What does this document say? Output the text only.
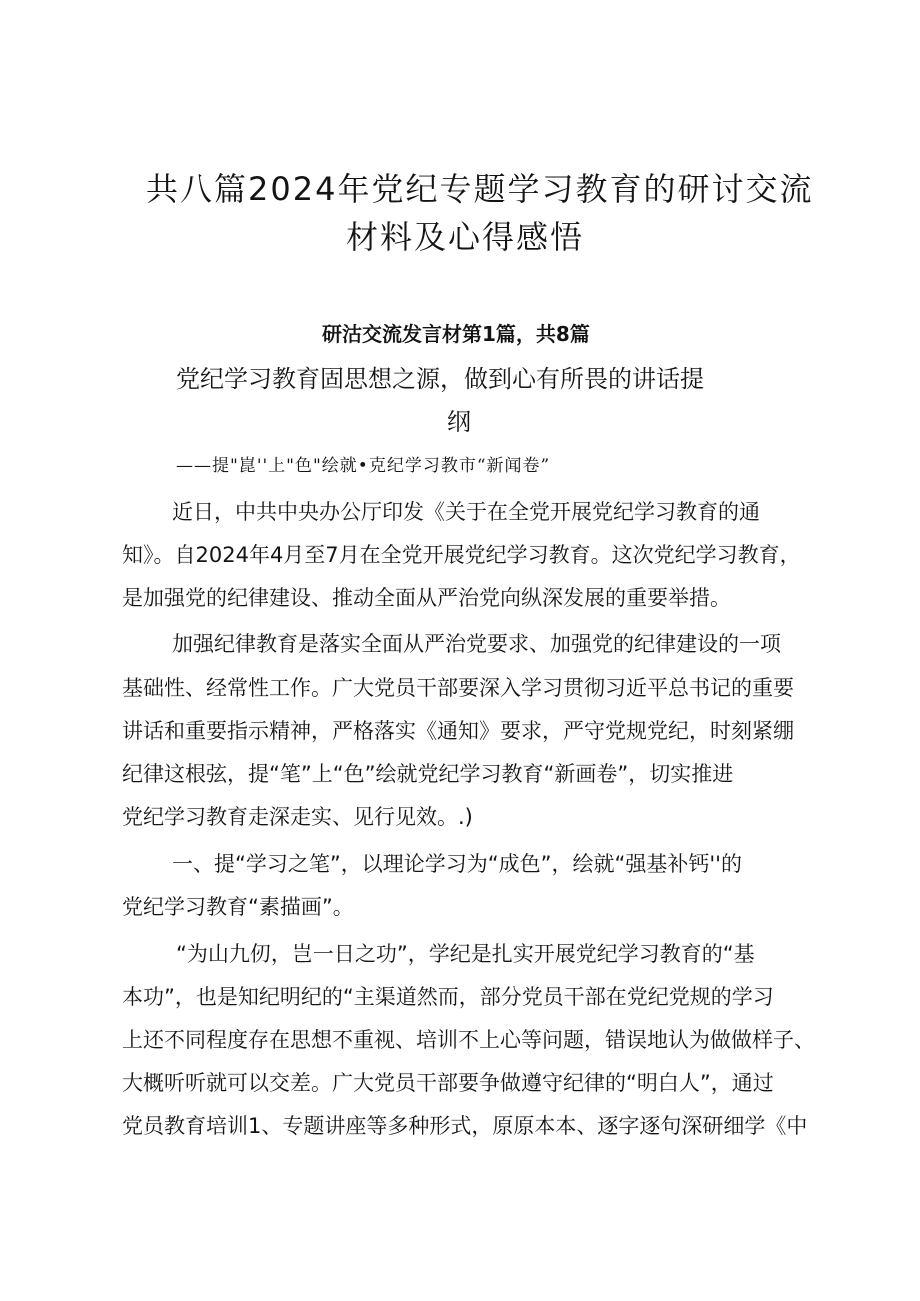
共八篇2024年党纪专题学习教育的研讨交流
材料及心得感悟
研沽交流发言材第1篇，共8篇
党纪学习教育固思想之源，做到心有所畏的讲话提
纲
——提"崑''上"色"绘就•克纪学习教市“新闻卷”
近日，中共中央办公厅印发《关于在全党开展党纪学习教育的通
知》。自2024年4月至7月在全党开展党纪学习教育。这次党纪学习教育，
是加强党的纪律建设、推动全面从严治党向纵深发展的重要举措。
加强纪律教育是落实全面从严治党要求、加强党的纪律建设的一项
基础性、经常性工作。广大党员干部要深入学习贯彻习近平总书记的重要
讲话和重要指示精神，严格落实《通知》要求，严守党规党纪，时刻紧绷
纪律这根弦，提“笔”上“色”绘就党纪学习教育“新画卷”，切实推进
党纪学习教育走深走实、见行见效。.)
一、提“学习之笔”，以理论学习为“成色”，绘就“强基补钙''的
党纪学习教育“素描画”。
“为山九仞，岂一日之功”，学纪是扎实开展党纪学习教育的“基
本功”，也是知纪明纪的“主渠道然而，部分党员干部在党纪党规的学习
上还不同程度存在思想不重视、培训不上心等问题，错误地认为做做样子、
大概听听就可以交差。广大党员干部要争做遵守纪律的“明白人”，通过
党员教育培训1、专题讲座等多种形式，原原本本、逐字逐句深研细学《中
